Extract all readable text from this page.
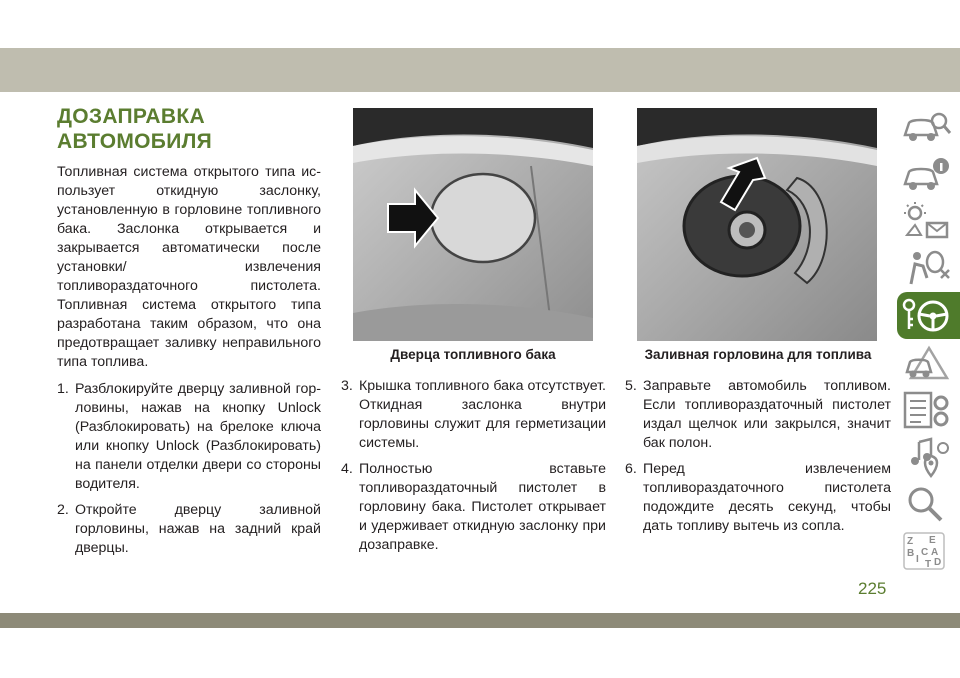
ДОЗАПРАВКА
АВТОМОБИЛЯ

Топливная система открытого типа использует откидную заслонку, установленную в горловине топливного бака. Заслонка открывается и закрывается автоматически после установки/ извлечения топливораздаточного пистолета. Топливная система открытого типа разработана таким образом, что она предотвращает заливку неправильного типа топлива.

1. Разблокируйте дверцу заливной горловины, нажав на кнопку Unlock (Разблокировать) на брелоке ключа или кнопку Unlock (Разблокировать) на панели отделки двери со стороны водителя.
2. Откройте дверцу заливной горловины, нажав на задний край дверцы.
Дверца топливного бака	Заливная горловина для топлива
3. Крышка топливного бака отсутствует. Откидная заслонка внутри горловины служит для герметизации системы.
4. Полностью вставьте топливораздаточный пистолет в горловину бака. Пистолет открывает и удерживает откидную заслонку при дозаправке.
5. Заправьте автомобиль топливом. Если топливораздаточный пистолет издал щелчок или закрылся, значит бак полон.
6. Перед извлечением топливораздаточного пистолета подождите десять секунд, чтобы дать топливу вытечь из сопла.
Z E
B A
I
C
T D
225
